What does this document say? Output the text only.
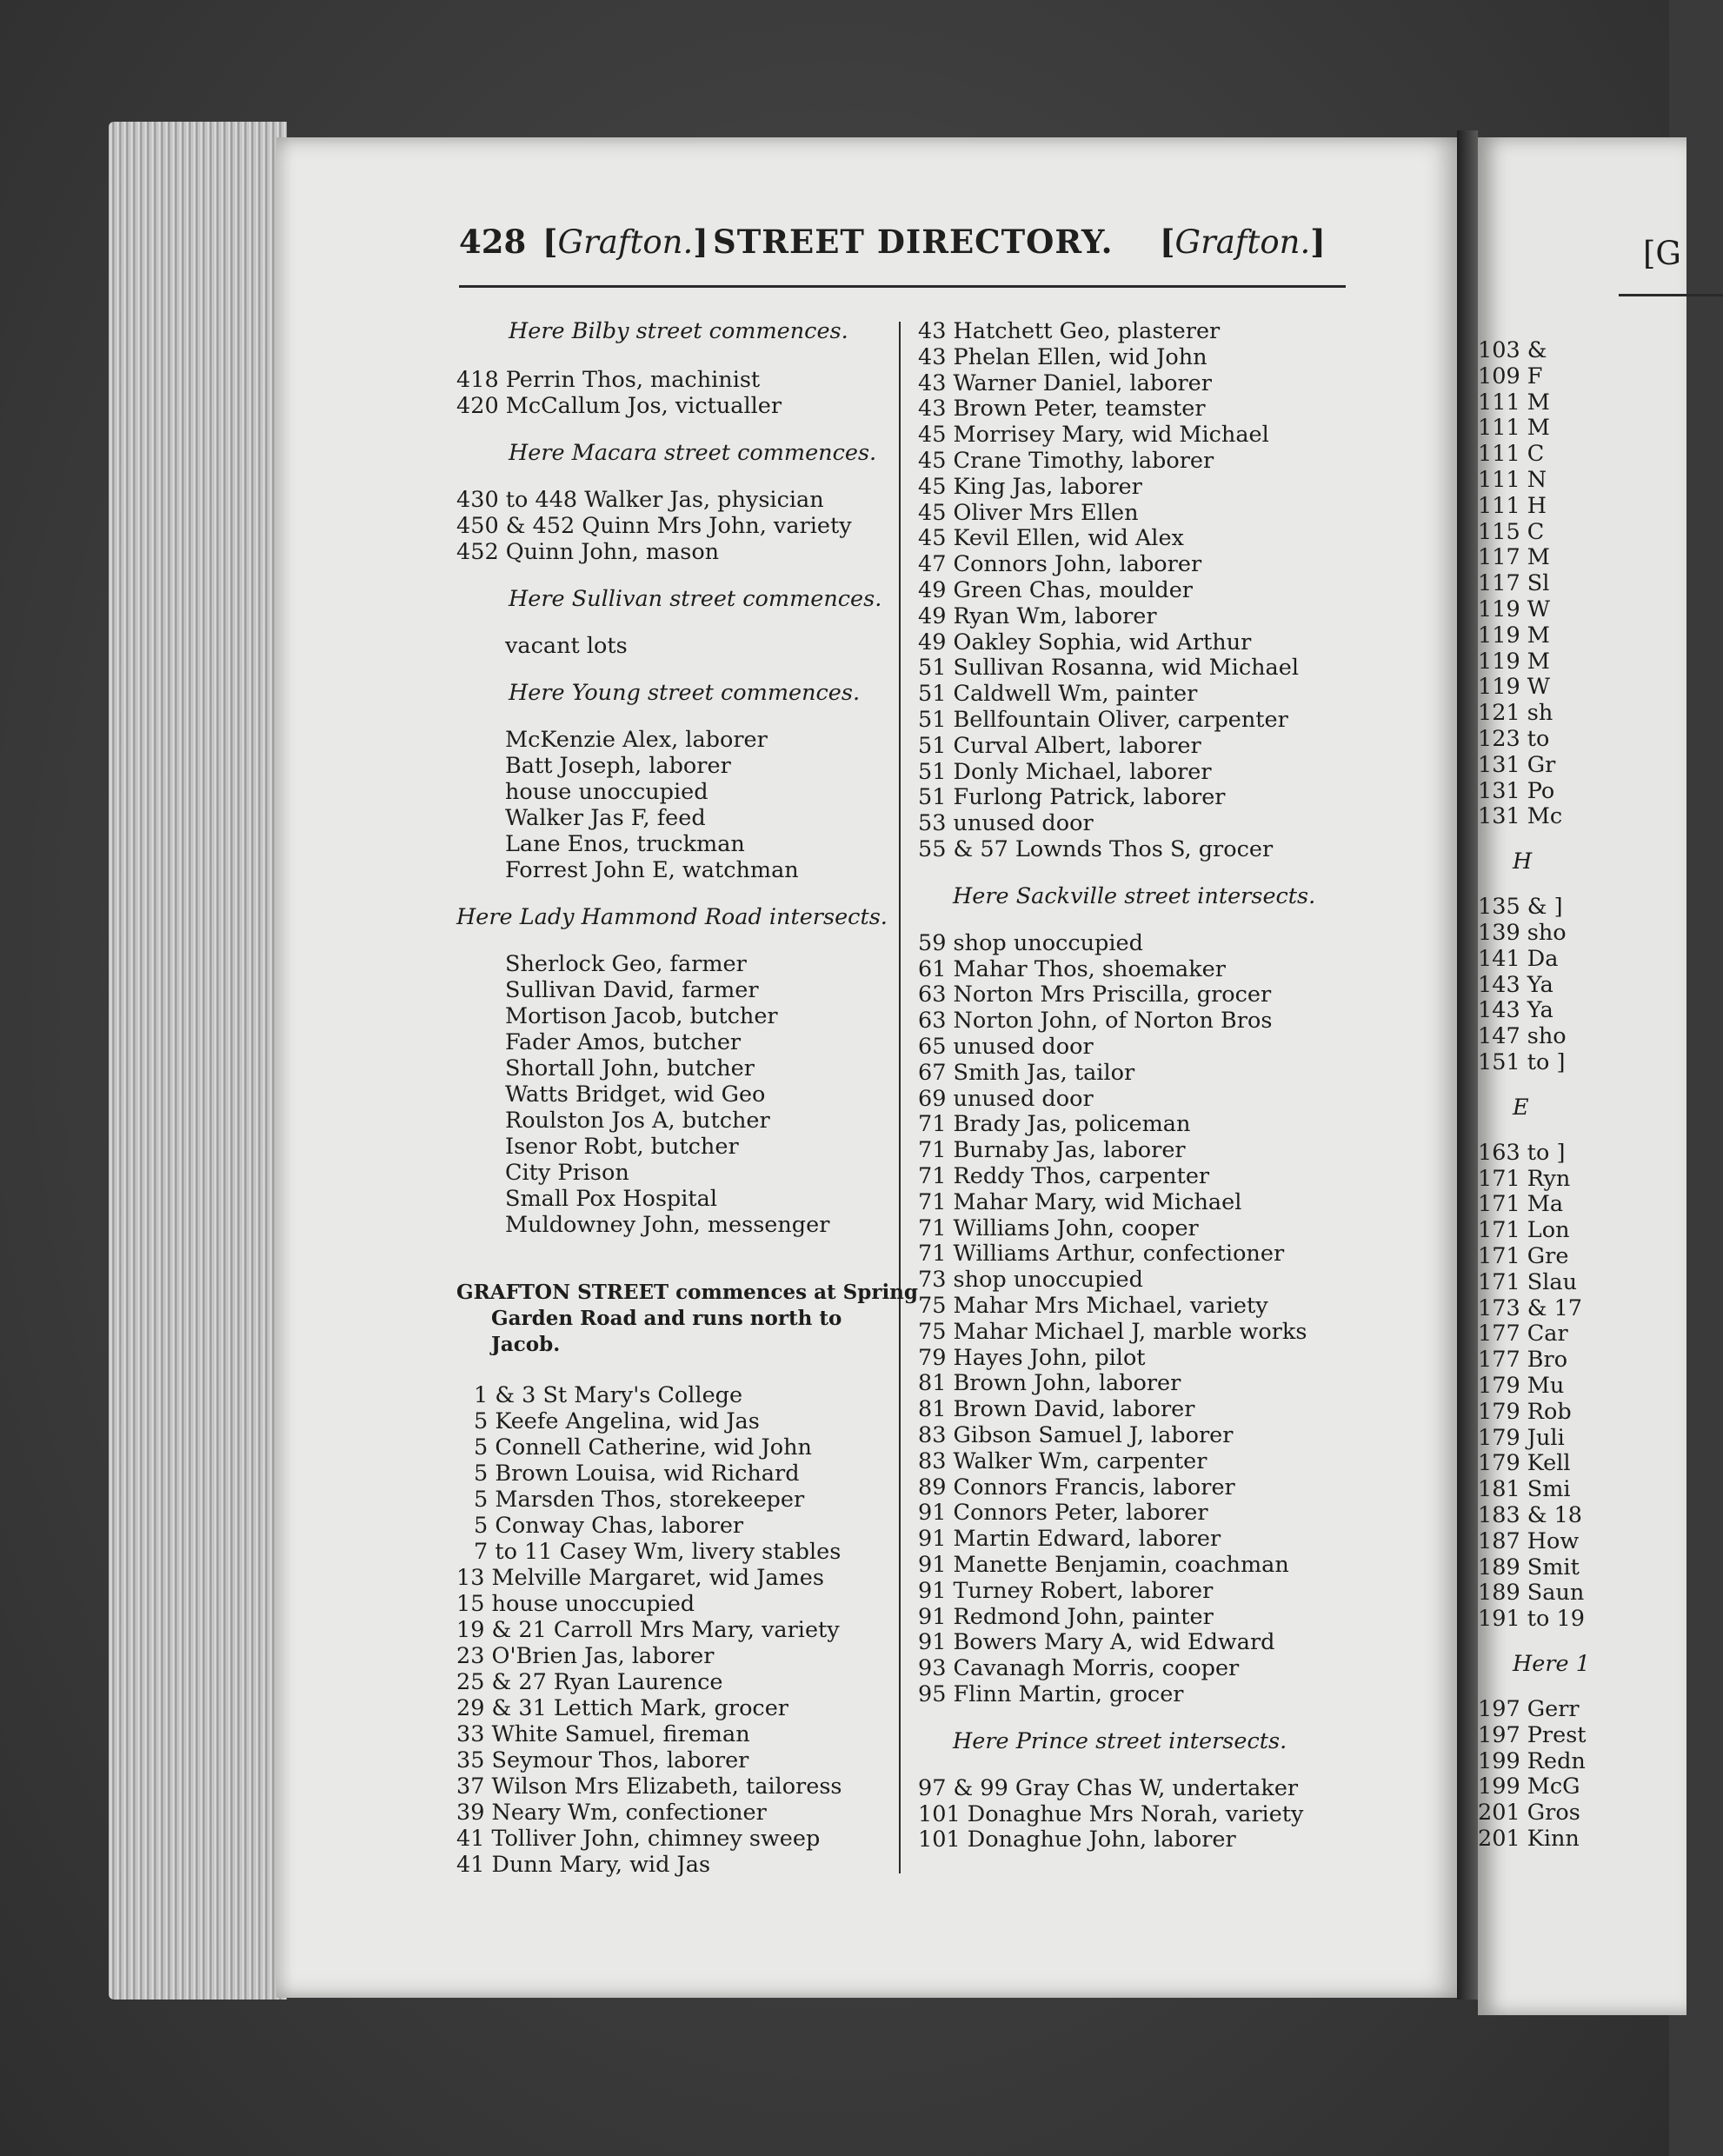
[G
103 &
109 F
111 M
111 M
111 C
111 N
111 H
115 C
117 M
117 Sl
119 W
119 M
119 M
119 W
121 sh
123 to
131 Gr
131 Po
131 Mc
H
135 & ]
139 sho
141 Da
143 Ya
143 Ya
147 sho
151 to ]
E
163 to ]
171 Ryn
171 Ma
171 Lon
171 Gre
171 Slau
173 & 17
177 Car
177 Bro
179 Mu
179 Rob
179 Juli
179 Kell
181 Smi
183 & 18
187 How
189 Smit
189 Saun
191 to 19
Here 1
197 Gerr
197 Prest
199 Redn
199 McG
201 Gros
201 Kinn
428 [Grafton.] STREET DIRECTORY. [Grafton.]
Here Bilby street commences.
418 Perrin Thos, machinist
420 McCallum Jos, victualler
Here Macara street commences.
430 to 448 Walker Jas, physician
450 & 452 Quinn Mrs John, variety
452 Quinn John, mason
Here Sullivan street commences.
vacant lots
Here Young street commences.
McKenzie Alex, laborer
Batt Joseph, laborer
house unoccupied
Walker Jas F, feed
Lane Enos, truckman
Forrest John E, watchman
Here Lady Hammond Road intersects.
Sherlock Geo, farmer
Sullivan David, farmer
Mortison Jacob, butcher
Fader Amos, butcher
Shortall John, butcher
Watts Bridget, wid Geo
Roulston Jos A, butcher
Isenor Robt, butcher
City Prison
Small Pox Hospital
Muldowney John, messenger
GRAFTON STREET commences at Spring
Garden Road and runs north to
Jacob.
1 & 3 St Mary's College
5 Keefe Angelina, wid Jas
5 Connell Catherine, wid John
5 Brown Louisa, wid Richard
5 Marsden Thos, storekeeper
5 Conway Chas, laborer
7 to 11 Casey Wm, livery stables
13 Melville Margaret, wid James
15 house unoccupied
19 & 21 Carroll Mrs Mary, variety
23 O'Brien Jas, laborer
25 & 27 Ryan Laurence
29 & 31 Lettich Mark, grocer
33 White Samuel, fireman
35 Seymour Thos, laborer
37 Wilson Mrs Elizabeth, tailoress
39 Neary Wm, confectioner
41 Tolliver John, chimney sweep
41 Dunn Mary, wid Jas
43 Hatchett Geo, plasterer
43 Phelan Ellen, wid John
43 Warner Daniel, laborer
43 Brown Peter, teamster
45 Morrisey Mary, wid Michael
45 Crane Timothy, laborer
45 King Jas, laborer
45 Oliver Mrs Ellen
45 Kevil Ellen, wid Alex
47 Connors John, laborer
49 Green Chas, moulder
49 Ryan Wm, laborer
49 Oakley Sophia, wid Arthur
51 Sullivan Rosanna, wid Michael
51 Caldwell Wm, painter
51 Bellfountain Oliver, carpenter
51 Curval Albert, laborer
51 Donly Michael, laborer
51 Furlong Patrick, laborer
53 unused door
55 & 57 Lownds Thos S, grocer
Here Sackville street intersects.
59 shop unoccupied
61 Mahar Thos, shoemaker
63 Norton Mrs Priscilla, grocer
63 Norton John, of Norton Bros
65 unused door
67 Smith Jas, tailor
69 unused door
71 Brady Jas, policeman
71 Burnaby Jas, laborer
71 Reddy Thos, carpenter
71 Mahar Mary, wid Michael
71 Williams John, cooper
71 Williams Arthur, confectioner
73 shop unoccupied
75 Mahar Mrs Michael, variety
75 Mahar Michael J, marble works
79 Hayes John, pilot
81 Brown John, laborer
81 Brown David, laborer
83 Gibson Samuel J, laborer
83 Walker Wm, carpenter
89 Connors Francis, laborer
91 Connors Peter, laborer
91 Martin Edward, laborer
91 Manette Benjamin, coachman
91 Turney Robert, laborer
91 Redmond John, painter
91 Bowers Mary A, wid Edward
93 Cavanagh Morris, cooper
95 Flinn Martin, grocer
Here Prince street intersects.
97 & 99 Gray Chas W, undertaker
101 Donaghue Mrs Norah, variety
101 Donaghue John, laborer
